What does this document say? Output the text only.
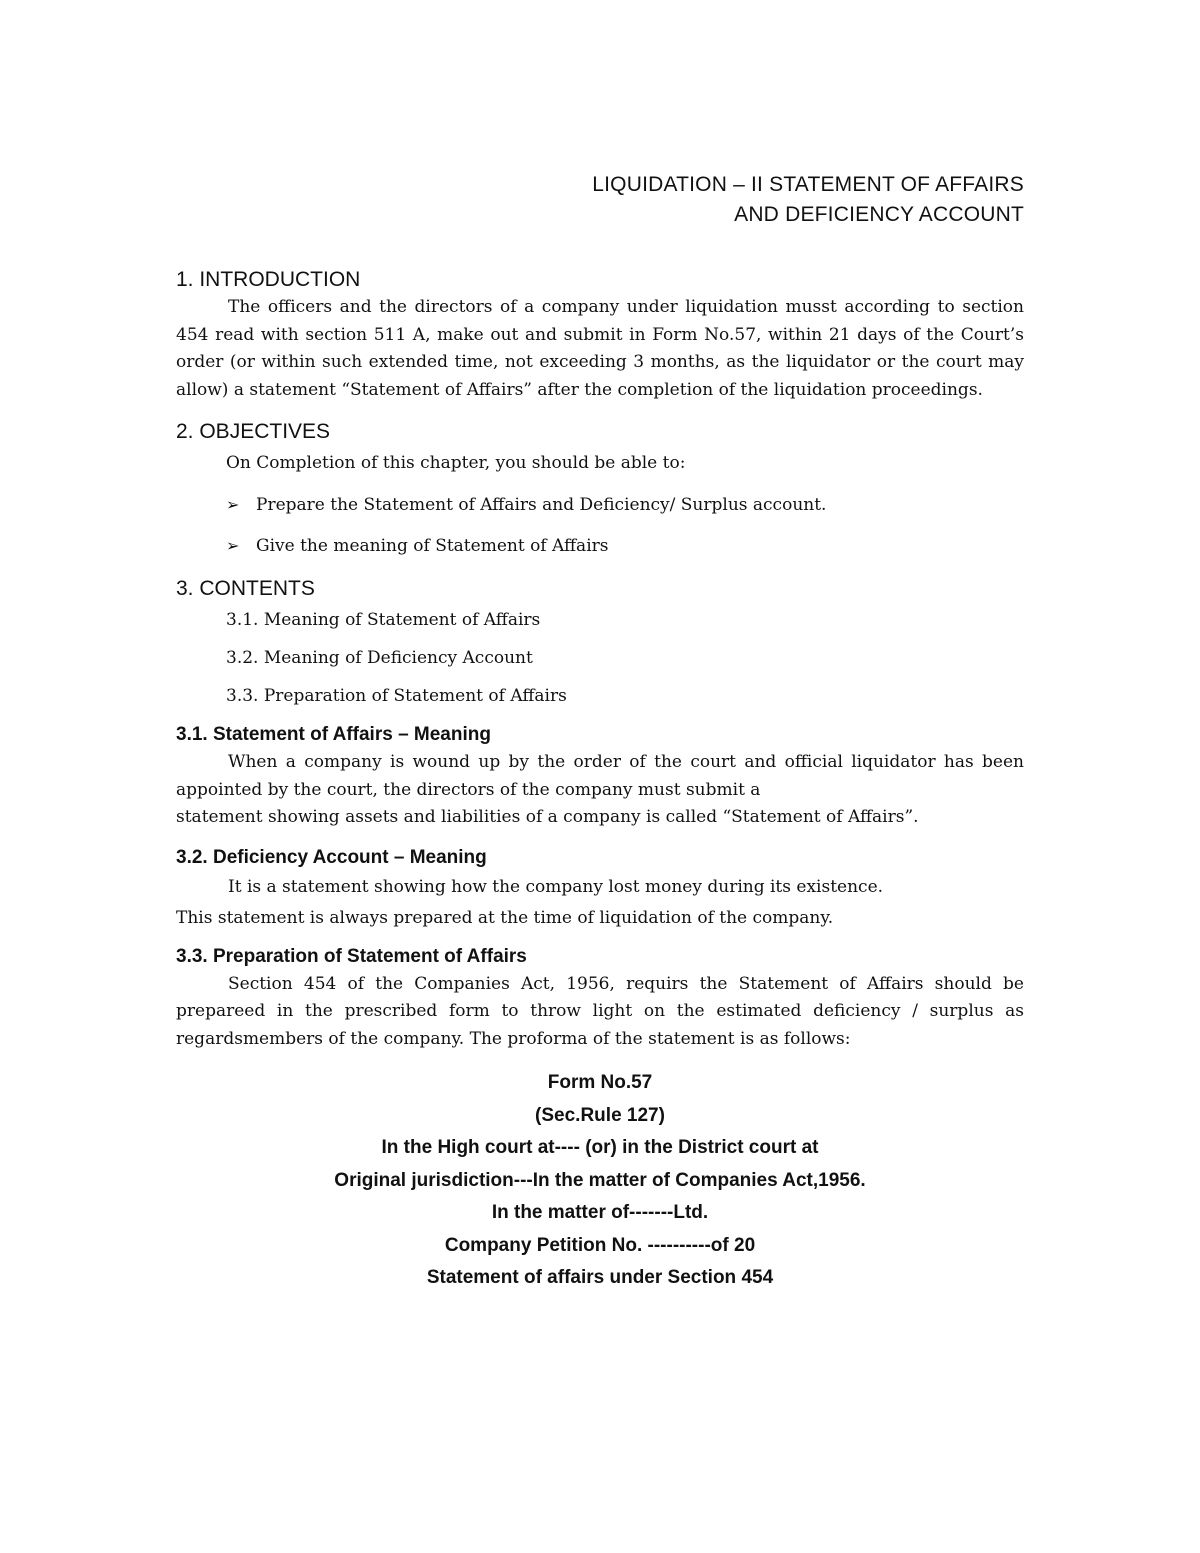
LIQUIDATION – II STATEMENT OF AFFAIRS

AND DEFICIENCY ACCOUNT

1. INTRODUCTION

The officers and the directors of a company under liquidation musst according to section 454 read with section 511 A, make out and submit in Form No.57, within 21 days of the Court’s order (or within such extended time, not exceeding 3 months, as the liquidator or the court may allow) a statement “Statement of Affairs” after the completion of the liquidation proceedings.

2. OBJECTIVES

On Completion of this chapter, you should be able to:

➢ Prepare the Statement of Affairs and Deficiency/ Surplus account.

➢ Give the meaning of Statement of Affairs

3. CONTENTS

3.1. Meaning of Statement of Affairs

3.2. Meaning of Deficiency Account

3.3. Preparation of Statement of Affairs

3.1. Statement of Affairs – Meaning

When a company is wound up by the order of the court and official liquidator has been appointed by the court, the directors of the company must submit a

statement showing assets and liabilities of a company is called “Statement of Affairs”.

3.2. Deficiency Account – Meaning

It is a statement showing how the company lost money during its existence.

This statement is always prepared at the time of liquidation of the company.

3.3. Preparation of Statement of Affairs

Section 454 of the Companies Act, 1956, requirs the Statement of Affairs should be prepareed in the prescribed form to throw light on the estimated deficiency / surplus as regardsmembers of the company. The proforma of the statement is as follows:

Form No.57

(Sec.Rule 127)

In the High court at---- (or) in the District court at

Original jurisdiction---In the matter of Companies Act,1956.

In the matter of-------Ltd.

Company Petition No. ----------of 20

Statement of affairs under Section 454
